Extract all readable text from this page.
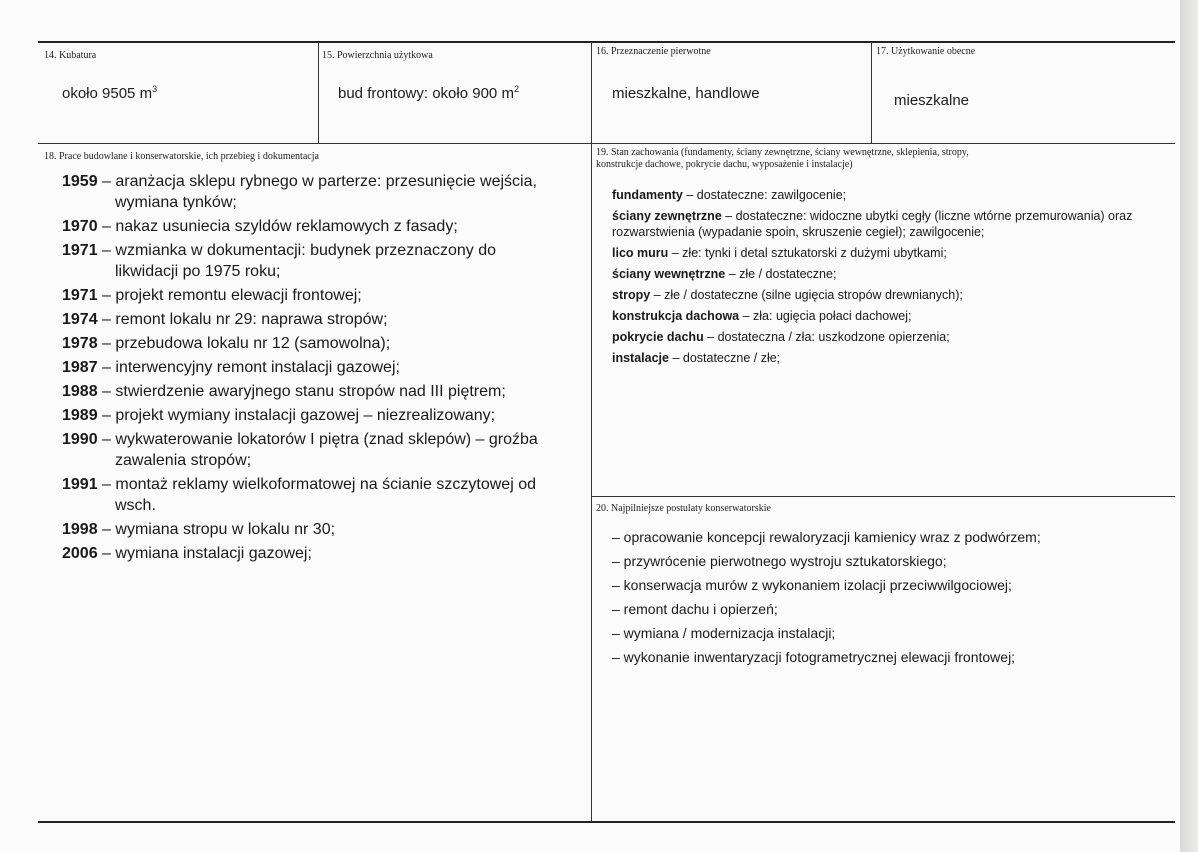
14. Kubatura
około 9505 $m^3$
15. Powierzchnia użytkowa
bud frontowy: około 900 $m^2$
16. Przeznaczenie pierwotne
mieszkalne, handlowe
17. Użytkowanie obecne
mieszkalne
18. Prace budowlane i konserwatorskie, ich przebieg i dokumentacja
1959 – aranżacja sklepu rybnego w parterze: przesunięcie wejścia, wymiana tynków;
1970 – nakaz usuniecia szyldów reklamowych z fasady;
1971 – wzmianka w dokumentacji: budynek przeznaczony do likwidacji po 1975 roku;
1971 – projekt remontu elewacji frontowej;
1974 – remont lokalu nr 29: naprawa stropów;
1978 – przebudowa lokalu nr 12 (samowolna);
1987 – interwencyjny remont instalacji gazowej;
1988 – stwierdzenie awaryjnego stanu stropów nad III piętrem;
1989 – projekt wymiany instalacji gazowej – niezrealizowany;
1990 – wykwaterowanie lokatorów I piętra (znad sklepów) – groźba zawalenia stropów;
1991 – montaż reklamy wielkoformatowej na ścianie szczytowej od wsch.
1998 – wymiana stropu w lokalu nr 30;
2006 – wymiana instalacji gazowej;
19. Stan zachowania (fundamenty, ściany zewnętrzne, ściany wewnętrzne, sklepienia, stropy,
konstrukcje dachowe, pokrycie dachu, wyposażenie i instalacje)
fundamenty – dostateczne: zawilgocenie;
ściany zewnętrzne – dostateczne: widoczne ubytki cegły (liczne wtórne przemurowania) oraz rozwarstwienia (wypadanie spoin, skruszenie cegieł); zawilgocenie;
lico muru – złe: tynki i detal sztukatorski z dużymi ubytkami;
ściany wewnętrzne – złe / dostateczne;
stropy – złe / dostateczne (silne ugięcia stropów drewnianych);
konstrukcja dachowa – zła: ugięcia połaci dachowej;
pokrycie dachu – dostateczna / zła: uszkodzone opierzenia;
instalacje – dostateczne / złe;
20. Najpilniejsze postulaty konserwatorskie
– opracowanie koncepcji rewaloryzacji kamienicy wraz z podwórzem;
– przywrócenie pierwotnego wystroju sztukatorskiego;
– konserwacja murów z wykonaniem izolacji przeciwwilgociowej;
– remont dachu i opierzeń;
– wymiana / modernizacja instalacji;
– wykonanie inwentaryzacji fotogrametrycznej elewacji frontowej;
